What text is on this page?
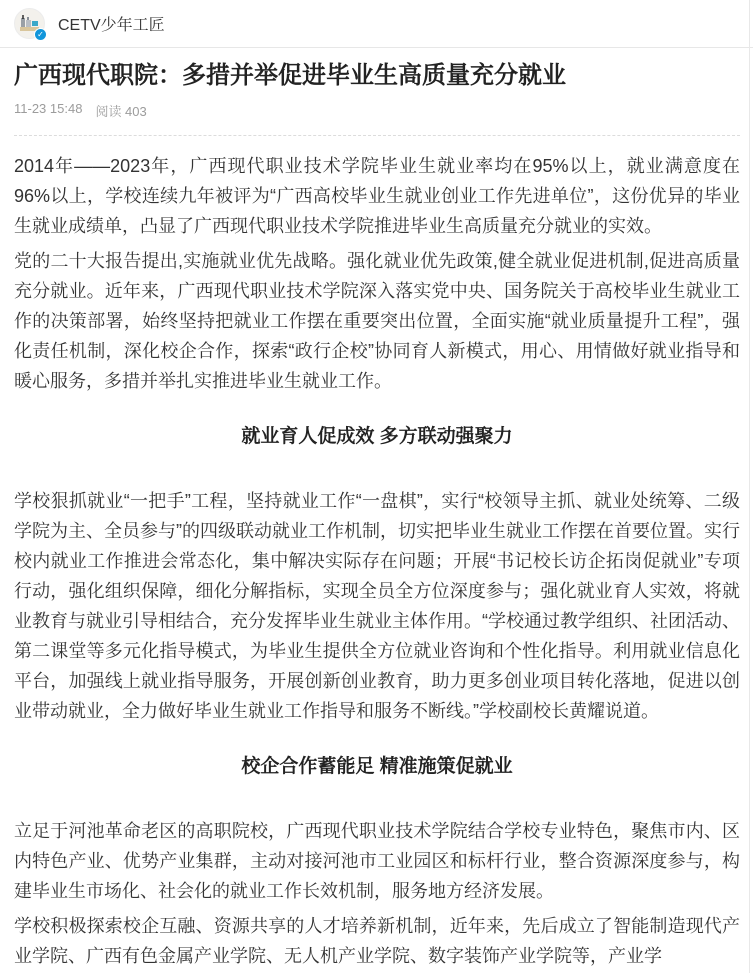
✓ CETV少年工匠
广西现代职院：多措并举促进毕业生高质量充分就业
11-23 15:48 阅读 403

2014年——2023年，广西现代职业技术学院毕业生就业率均在95%以上，就业满意度在96%以上，学校连续九年被评为“广西高校毕业生就业创业工作先进单位”，这份优异的毕业生就业成绩单，凸显了广西现代职业技术学院推进毕业生高质量充分就业的实效。

党的二十大报告提出,实施就业优先战略。强化就业优先政策,健全就业促进机制,促进高质量充分就业。近年来，广西现代职业技术学院深入落实党中央、国务院关于高校毕业生就业工作的决策部署，始终坚持把就业工作摆在重要突出位置，全面实施“就业质量提升工程”，强化责任机制，深化校企合作，探索“政行企校”协同育人新模式，用心、用情做好就业指导和暖心服务，多措并举扎实推进毕业生就业工作。

就业育人促成效 多方联动强聚力

学校狠抓就业“一把手”工程，坚持就业工作“一盘棋”，实行“校领导主抓、就业处统筹、二级学院为主、全员参与”的四级联动就业工作机制，切实把毕业生就业工作摆在首要位置。实行校内就业工作推进会常态化，集中解决实际存在问题；开展“书记校长访企拓岗促就业”专项行动，强化组织保障，细化分解指标，实现全员全方位深度参与；强化就业育人实效，将就业教育与就业引导相结合，充分发挥毕业生就业主体作用。“学校通过教学组织、社团活动、第二课堂等多元化指导模式，为毕业生提供全方位就业咨询和个性化指导。利用就业信息化平台，加强线上就业指导服务，开展创新创业教育，助力更多创业项目转化落地，促进以创业带动就业，全力做好毕业生就业工作指导和服务不断线。”学校副校长黄耀说道。

校企合作蓄能足 精准施策促就业

立足于河池革命老区的高职院校，广西现代职业技术学院结合学校专业特色，聚焦市内、区内特色产业、优势产业集群，主动对接河池市工业园区和标杆行业，整合资源深度参与，构建毕业生市场化、社会化的就业工作长效机制，服务地方经济发展。

学校积极探索校企互融、资源共享的人才培养新机制，近年来，先后成立了智能制造现代产业学院、广西有色金属产业学院、无人机产业学院、数字装饰产业学院等，产业学
